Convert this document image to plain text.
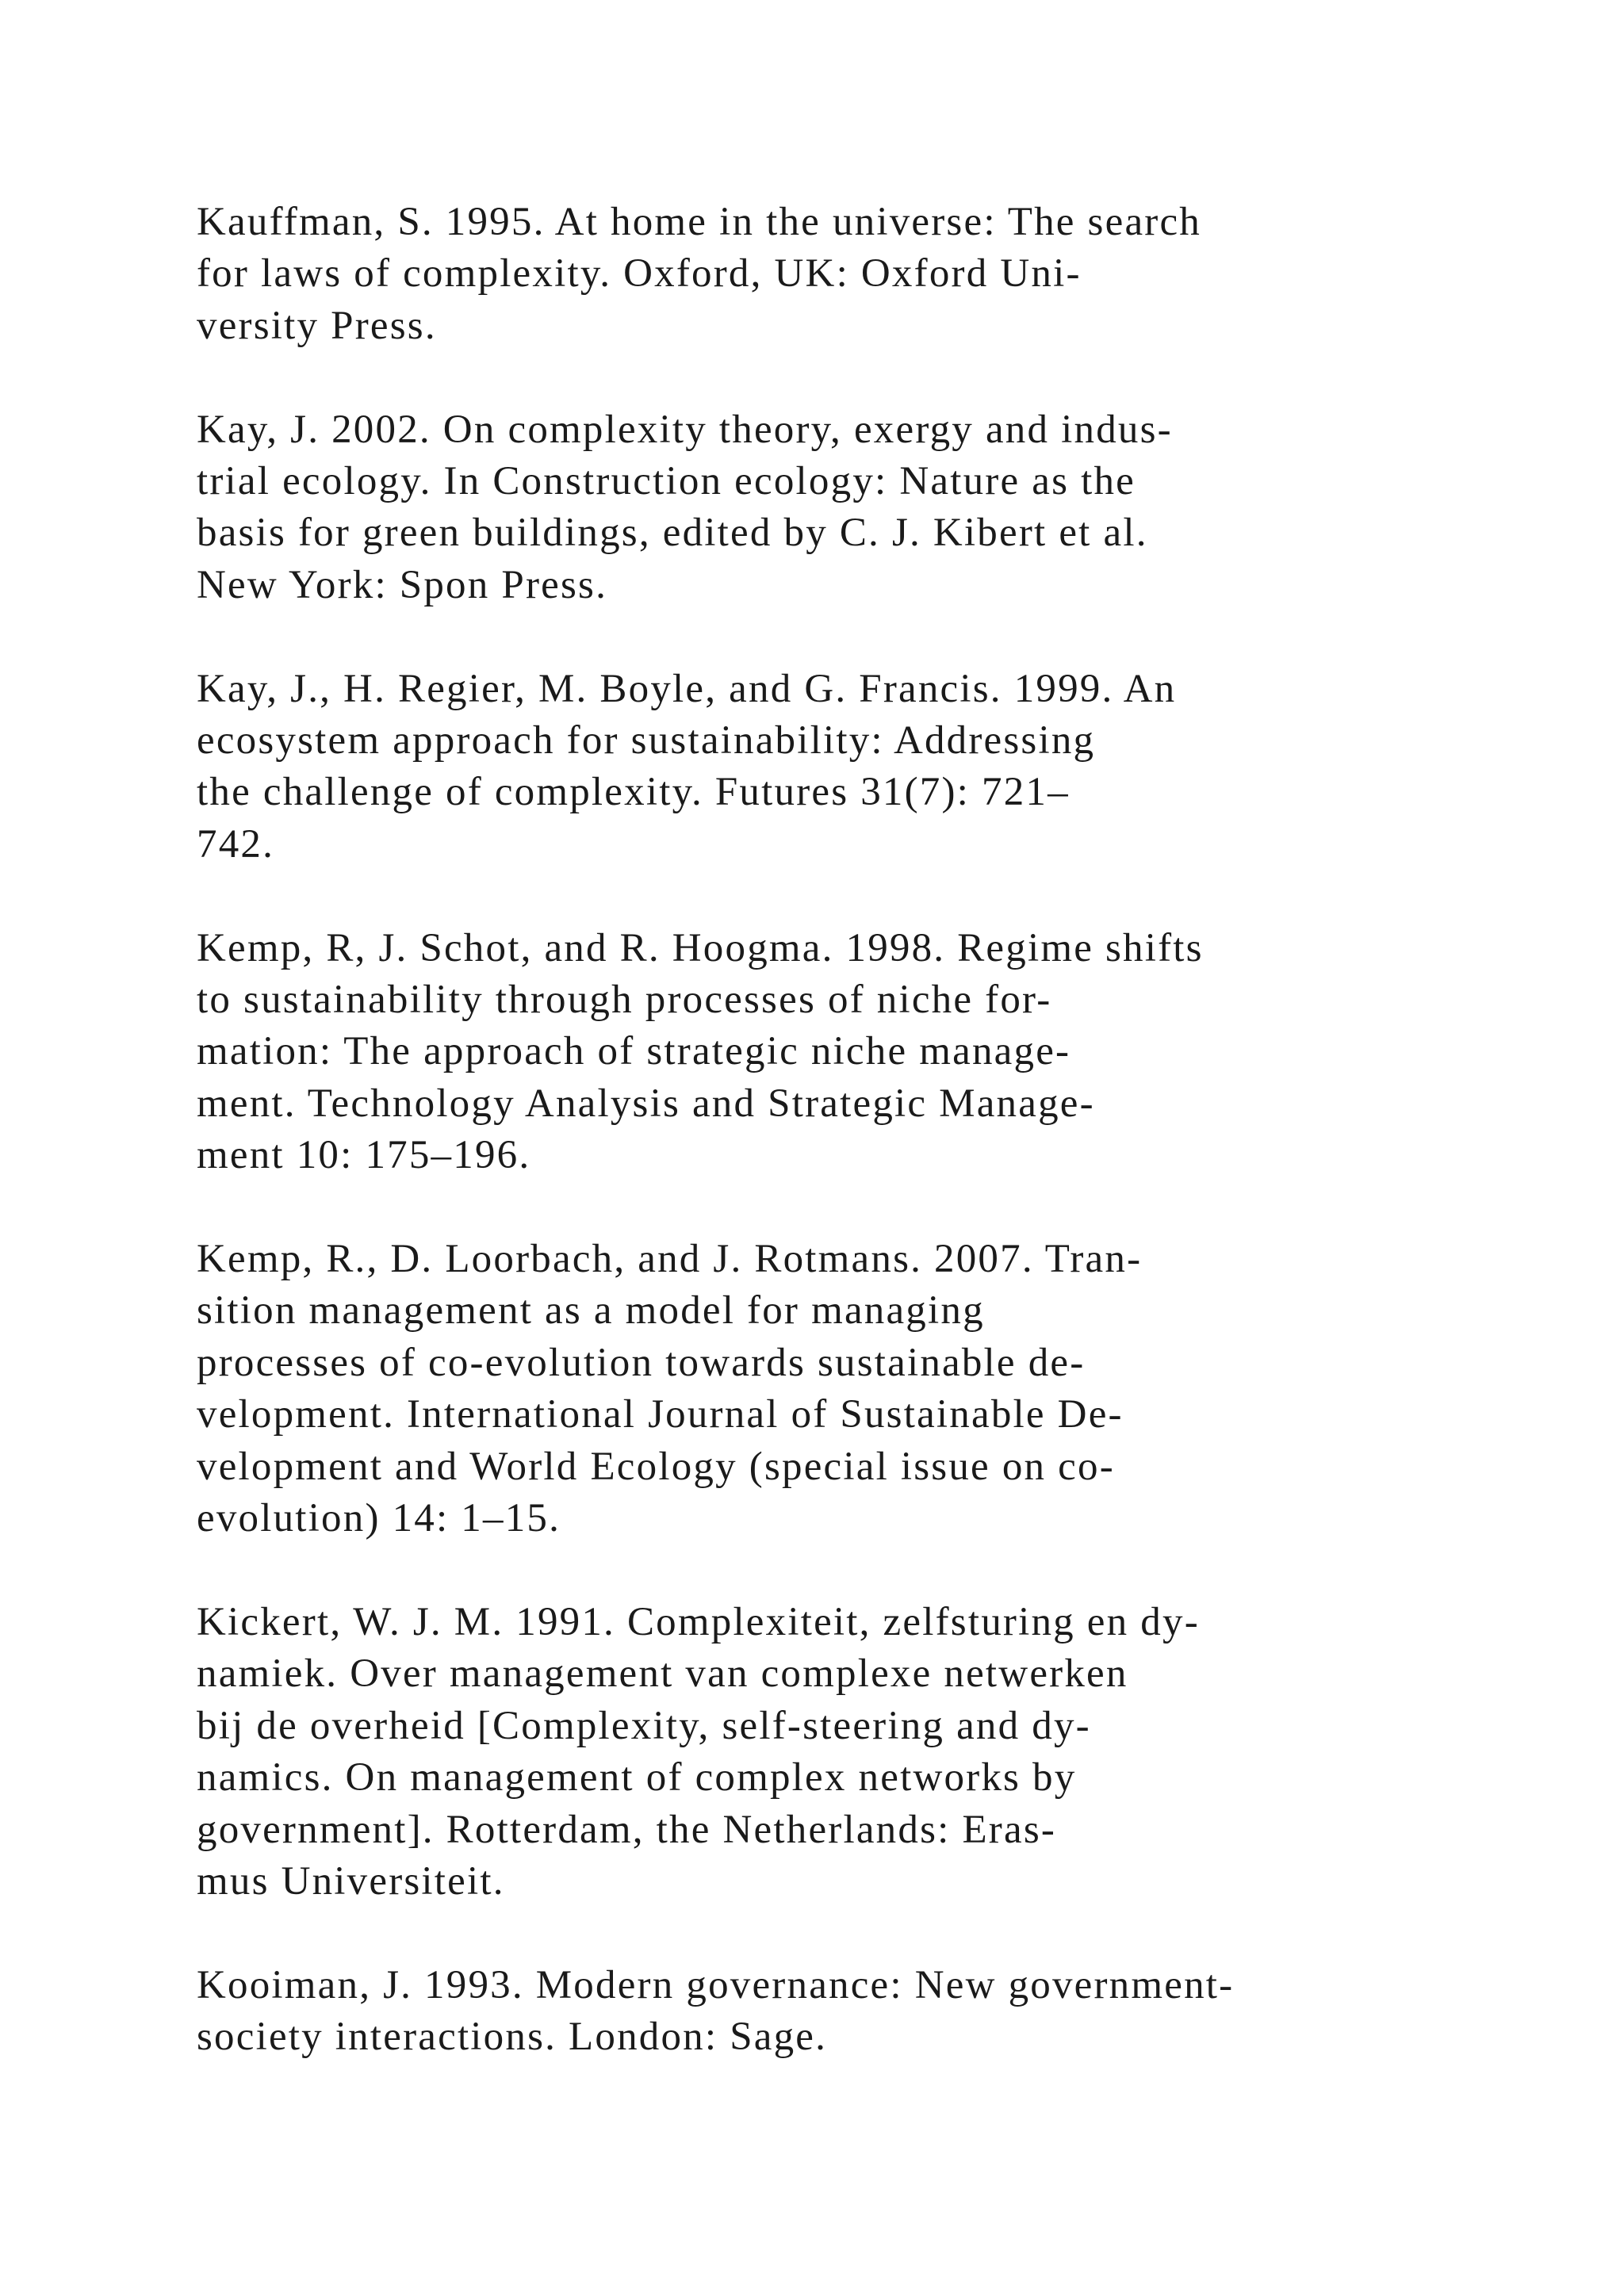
Kauffman, S. 1995. At home in the universe: The search
for laws of complexity. Oxford, UK: Oxford Uni-
versity Press.
Kay, J. 2002. On complexity theory, exergy and indus-
trial ecology. In Construction ecology: Nature as the
basis for green buildings, edited by C. J. Kibert et al.
New York: Spon Press.
Kay, J., H. Regier, M. Boyle, and G. Francis. 1999. An
ecosystem approach for sustainability: Addressing
the challenge of complexity. Futures 31(7): 721–
742.
Kemp, R, J. Schot, and R. Hoogma. 1998. Regime shifts
to sustainability through processes of niche for-
mation: The approach of strategic niche manage-
ment. Technology Analysis and Strategic Manage-
ment 10: 175–196.
Kemp, R., D. Loorbach, and J. Rotmans. 2007. Tran-
sition management as a model for managing
processes of co-evolution towards sustainable de-
velopment. International Journal of Sustainable De-
velopment and World Ecology (special issue on co-
evolution) 14: 1–15.
Kickert, W. J. M. 1991. Complexiteit, zelfsturing en dy-
namiek. Over management van complexe netwerken
bij de overheid [Complexity, self-steering and dy-
namics. On management of complex networks by
government]. Rotterdam, the Netherlands: Eras-
mus Universiteit.
Kooiman, J. 1993. Modern governance: New government-
society interactions. London: Sage.
